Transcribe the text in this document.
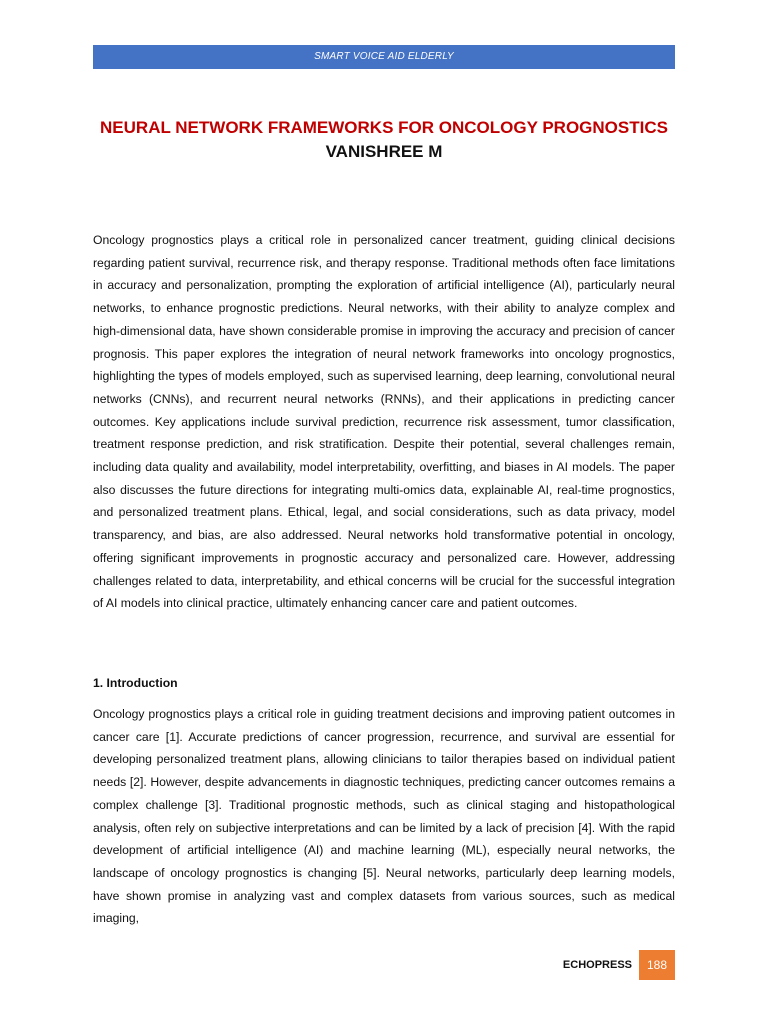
SMART VOICE AID ELDERLY
NEURAL NETWORK FRAMEWORKS FOR ONCOLOGY PROGNOSTICS
VANISHREE M

Oncology prognostics plays a critical role in personalized cancer treatment, guiding clinical decisions regarding patient survival, recurrence risk, and therapy response. Traditional methods often face limitations in accuracy and personalization, prompting the exploration of artificial intelligence (AI), particularly neural networks, to enhance prognostic predictions. Neural networks, with their ability to analyze complex and high-dimensional data, have shown considerable promise in improving the accuracy and precision of cancer prognosis. This paper explores the integration of neural network frameworks into oncology prognostics, highlighting the types of models employed, such as supervised learning, deep learning, convolutional neural networks (CNNs), and recurrent neural networks (RNNs), and their applications in predicting cancer outcomes. Key applications include survival prediction, recurrence risk assessment, tumor classification, treatment response prediction, and risk stratification. Despite their potential, several challenges remain, including data quality and availability, model interpretability, overfitting, and biases in AI models. The paper also discusses the future directions for integrating multi-omics data, explainable AI, real-time prognostics, and personalized treatment plans. Ethical, legal, and social considerations, such as data privacy, model transparency, and bias, are also addressed. Neural networks hold transformative potential in oncology, offering significant improvements in prognostic accuracy and personalized care. However, addressing challenges related to data, interpretability, and ethical concerns will be crucial for the successful integration of AI models into clinical practice, ultimately enhancing cancer care and patient outcomes.

1. Introduction

Oncology prognostics plays a critical role in guiding treatment decisions and improving patient outcomes in cancer care [1]. Accurate predictions of cancer progression, recurrence, and survival are essential for developing personalized treatment plans, allowing clinicians to tailor therapies based on individual patient needs [2]. However, despite advancements in diagnostic techniques, predicting cancer outcomes remains a complex challenge [3]. Traditional prognostic methods, such as clinical staging and histopathological analysis, often rely on subjective interpretations and can be limited by a lack of precision [4]. With the rapid development of artificial intelligence (AI) and machine learning (ML), especially neural networks, the landscape of oncology prognostics is changing [5]. Neural networks, particularly deep learning models, have shown promise in analyzing vast and complex datasets from various sources, such as medical imaging,

ECHOPRESS	188
